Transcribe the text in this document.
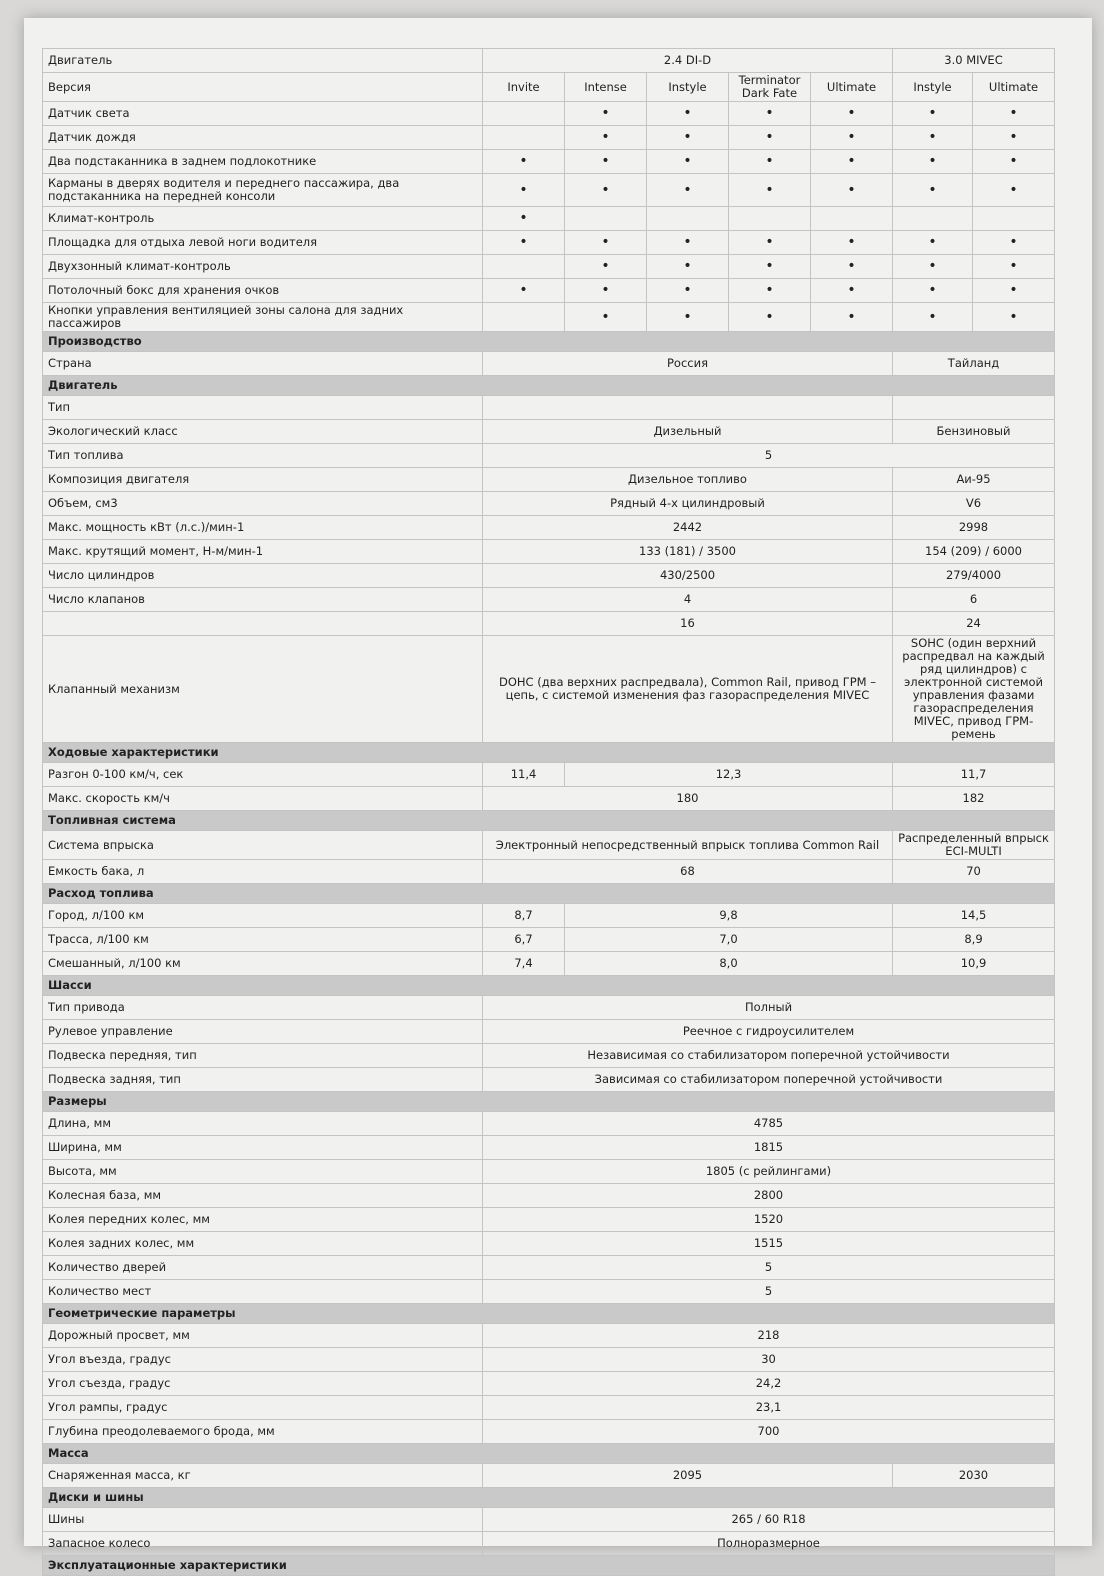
Двигатель	2.4 DI-D					3.0 MIVEC	
Версия	Invite	Intense	Instyle	Terminator Dark Fate	Ultimate	Instyle	Ultimate
Датчик света		•	•	•	•	•	•
Датчик дождя		•	•	•	•	•	•
Два подстаканника в заднем подлокотнике	•	•	•	•	•	•	•
Карманы в дверях водителя и переднего пассажира, два подстаканника на передней консоли	•	•	•	•	•	•	•
Климат-контроль	•						
Площадка для отдыха левой ноги водителя	•	•	•	•	•	•	•
Двухзонный климат-контроль		•	•	•	•	•	•
Потолочный бокс для хранения очков	•	•	•	•	•	•	•
Кнопки управления вентиляцией зоны салона для задних пассажиров		•	•	•	•	•	•
Производство							
Страна	Россия					Тайланд	
Двигатель							
Тип							
Экологический класс	Дизельный					Бензиновый	
Тип топлива	5						
Композиция двигателя	Дизельное топливо					Аи-95	
Объем, см3	Рядный 4-х цилиндровый					V6	
Макс. мощность кВт (л.с.)/мин-1	2442					2998	
Макс. крутящий момент, Н-м/мин-1	133 (181) / 3500					154 (209) / 6000	
Число цилиндров	430/2500					279/4000	
Число клапанов	4					6	
	16					24	
Клапанный механизм	DOHC (два верхних распредвала), Common Rail, привод ГРМ – цепь, с системой изменения фаз газораспределения MIVEC					SOHC (один верхний распредвал на каждый ряд цилиндров) с электронной системой управления фазами газораспределения MIVEC, привод ГРМ-ремень	
Ходовые характеристики							
Разгон 0-100 км/ч, сек	11,4	12,3				11,7	
Макс. скорость км/ч	180					182	
Топливная система							
Система впрыска	Электронный непосредственный впрыск топлива Common Rail					Распределенный впрыск ECI-MULTI	
Емкость бака, л	68					70	
Расход топлива							
Город, л/100 км	8,7	9,8				14,5	
Трасса, л/100 км	6,7	7,0				8,9	
Смешанный, л/100 км	7,4	8,0				10,9	
Шасси							
Тип привода	Полный						
Рулевое управление	Реечное с гидроусилителем						
Подвеска передняя, тип	Независимая со стабилизатором поперечной устойчивости						
Подвеска задняя, тип	Зависимая со стабилизатором поперечной устойчивости						
Размеры							
Длина, мм	4785						
Ширина, мм	1815						
Высота, мм	1805 (с рейлингами)						
Колесная база, мм	2800						
Колея передних колес, мм	1520						
Колея задних колес, мм	1515						
Количество дверей	5						
Количество мест	5						
Геометрические параметры							
Дорожный просвет, мм	218						
Угол въезда, градус	30						
Угол съезда, градус	24,2						
Угол рампы, градус	23,1						
Глубина преодолеваемого брода, мм	700						
Масса							
Снаряженная масса, кг	2095					2030	
Диски и шины							
Шины	265 / 60 R18						
Запасное колесо	Полноразмерное						
Эксплуатационные характеристики							
